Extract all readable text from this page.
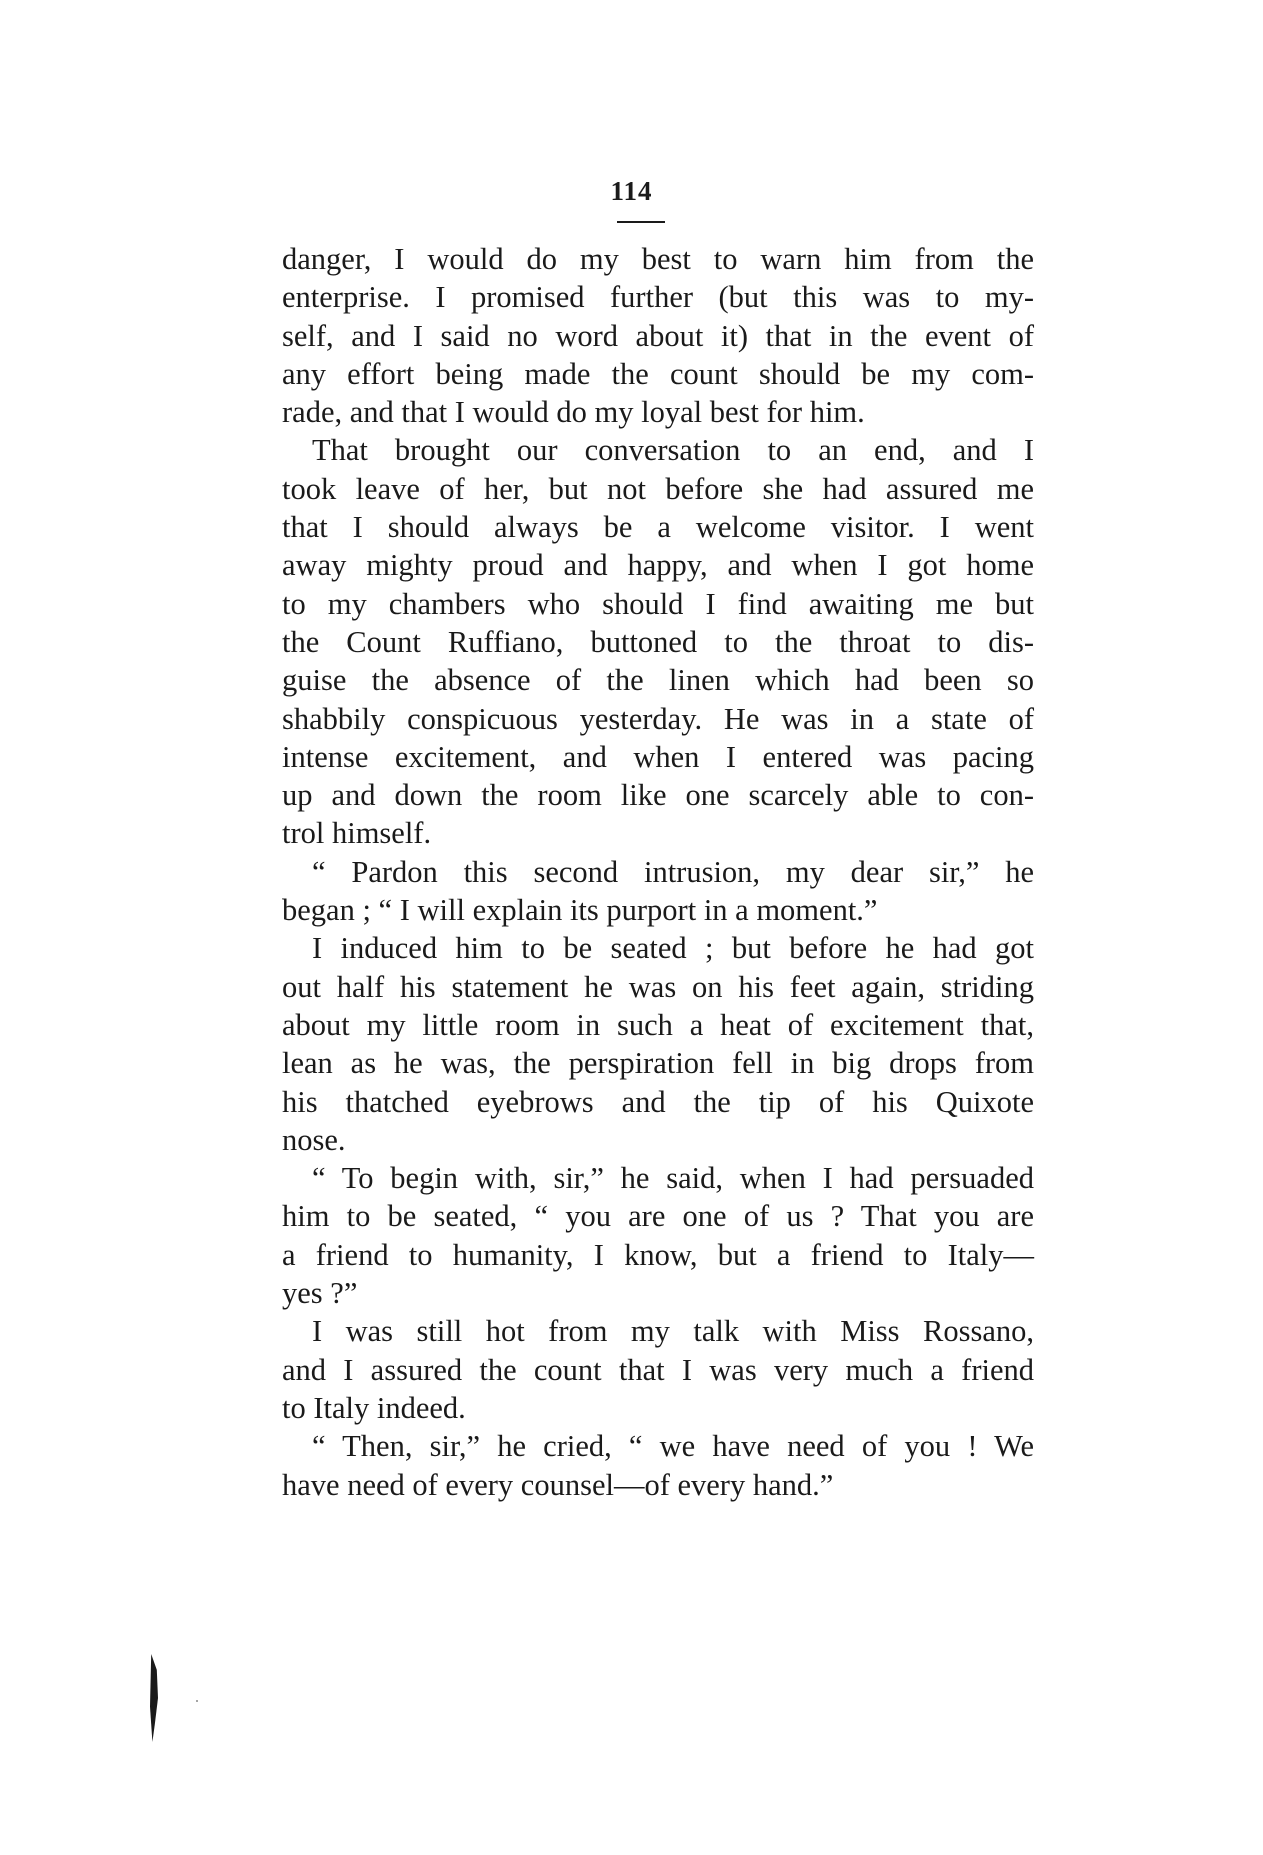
114
danger, I would do my best to warn him from the
enterprise. I promised further (but this was to my-
self, and I said no word about it) that in the event of
any effort being made the count should be my com-
rade, and that I would do my loyal best for him.
That brought our conversation to an end, and I
took leave of her, but not before she had assured me
that I should always be a welcome visitor. I went
away mighty proud and happy, and when I got home
to my chambers who should I find awaiting me but
the Count Ruffiano, buttoned to the throat to dis-
guise the absence of the linen which had been so
shabbily conspicuous yesterday. He was in a state of
intense excitement, and when I entered was pacing
up and down the room like one scarcely able to con-
trol himself.
“ Pardon this second intrusion, my dear sir,” he
began ; “ I will explain its purport in a moment.”
I induced him to be seated ; but before he had got
out half his statement he was on his feet again, striding
about my little room in such a heat of excitement that,
lean as he was, the perspiration fell in big drops from
his thatched eyebrows and the tip of his Quixote
nose.
“ To begin with, sir,” he said, when I had persuaded
him to be seated, “ you are one of us ? That you are
a friend to humanity, I know, but a friend to Italy—
yes ?”
I was still hot from my talk with Miss Rossano,
and I assured the count that I was very much a friend
to Italy indeed.
“ Then, sir,” he cried, “ we have need of you ! We
have need of every counsel—of every hand.”
